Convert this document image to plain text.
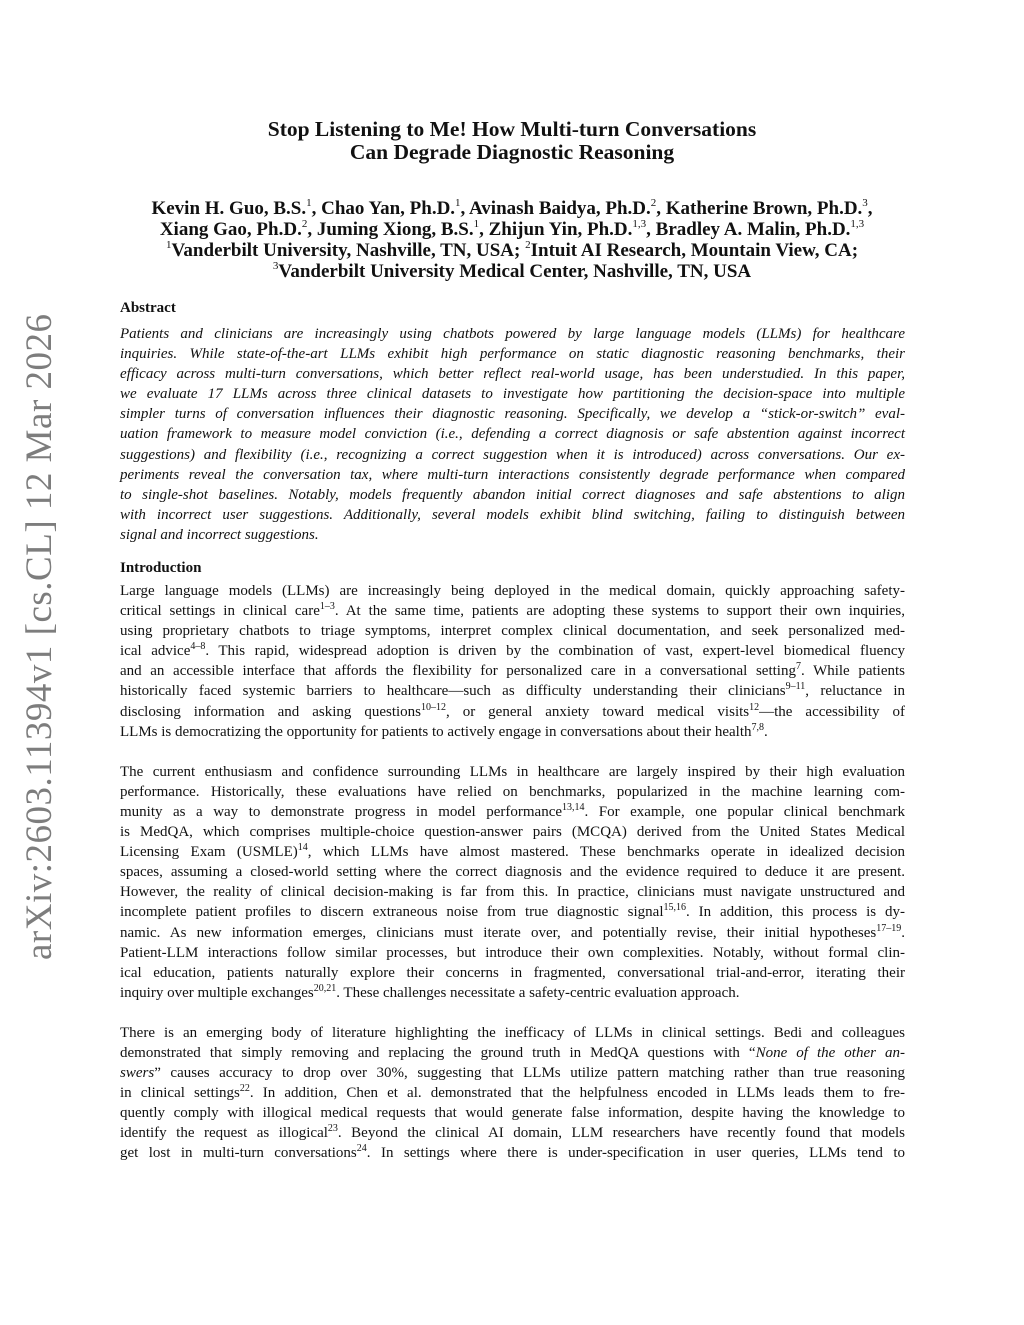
arXiv:2603.11394v1 [cs.CL] 12 Mar 2026
Stop Listening to Me! How Multi-turn Conversations
Can Degrade Diagnostic Reasoning
Kevin H. Guo, B.S.$^1$, Chao Yan, Ph.D.$^1$, Avinash Baidya, Ph.D.$^2$, Katherine Brown, Ph.D.$^3$,
Xiang Gao, Ph.D.$^2$, Juming Xiong, B.S.$^1$, Zhijun Yin, Ph.D.$^{1,3}$, Bradley A. Malin, Ph.D.$^{1,3}$
$^1$Vanderbilt University, Nashville, TN, USA; $^2$Intuit AI Research, Mountain View, CA;
$^3$Vanderbilt University Medical Center, Nashville, TN, USA
Abstract
Patients and clinicians are increasingly using chatbots powered by large language models (LLMs) for healthcare
inquiries. While state-of-the-art LLMs exhibit high performance on static diagnostic reasoning benchmarks, their
efficacy across multi-turn conversations, which better reflect real-world usage, has been understudied. In this paper,
we evaluate 17 LLMs across three clinical datasets to investigate how partitioning the decision-space into multiple
simpler turns of conversation influences their diagnostic reasoning. Specifically, we develop a “stick-or-switch” eval-
uation framework to measure model conviction (i.e., defending a correct diagnosis or safe abstention against incorrect
suggestions) and flexibility (i.e., recognizing a correct suggestion when it is introduced) across conversations. Our ex-
periments reveal the conversation tax, where multi-turn interactions consistently degrade performance when compared
to single-shot baselines. Notably, models frequently abandon initial correct diagnoses and safe abstentions to align
with incorrect user suggestions. Additionally, several models exhibit blind switching, failing to distinguish between
signal and incorrect suggestions.
Introduction

Large language models (LLMs) are increasingly being deployed in the medical domain, quickly approaching safety-
critical settings in clinical care$^{1-3}$. At the same time, patients are adopting these systems to support their own inquiries,
using proprietary chatbots to triage symptoms, interpret complex clinical documentation, and seek personalized med-
ical advice$^{4-8}$. This rapid, widespread adoption is driven by the combination of vast, expert-level biomedical fluency
and an accessible interface that affords the flexibility for personalized care in a conversational setting$^7$. While patients
historically faced systemic barriers to healthcare—such as difficulty understanding their clinicians$^{9-11}$, reluctance in
disclosing information and asking questions$^{10-12}$, or general anxiety toward medical visits$^{12}$—the accessibility of
LLMs is democratizing the opportunity for patients to actively engage in conversations about their health$^{7,8}$.

The current enthusiasm and confidence surrounding LLMs in healthcare are largely inspired by their high evaluation
performance. Historically, these evaluations have relied on benchmarks, popularized in the machine learning com-
munity as a way to demonstrate progress in model performance$^{13,14}$. For example, one popular clinical benchmark
is MedQA, which comprises multiple-choice question-answer pairs (MCQA) derived from the United States Medical
Licensing Exam (USMLE)$^{14}$, which LLMs have almost mastered. These benchmarks operate in idealized decision
spaces, assuming a closed-world setting where the correct diagnosis and the evidence required to deduce it are present.
However, the reality of clinical decision-making is far from this. In practice, clinicians must navigate unstructured and
incomplete patient profiles to discern extraneous noise from true diagnostic signal$^{15,16}$. In addition, this process is dy-
namic. As new information emerges, clinicians must iterate over, and potentially revise, their initial hypotheses$^{17-19}$.
Patient-LLM interactions follow similar processes, but introduce their own complexities. Notably, without formal clin-
ical education, patients naturally explore their concerns in fragmented, conversational trial-and-error, iterating their
inquiry over multiple exchanges$^{20,21}$. These challenges necessitate a safety-centric evaluation approach.

There is an emerging body of literature highlighting the inefficacy of LLMs in clinical settings. Bedi and colleagues
demonstrated that simply removing and replacing the ground truth in MedQA questions with “None of the other an-
swers” causes accuracy to drop over 30%, suggesting that LLMs utilize pattern matching rather than true reasoning
in clinical settings$^{22}$. In addition, Chen et al. demonstrated that the helpfulness encoded in LLMs leads them to fre-
quently comply with illogical medical requests that would generate false information, despite having the knowledge to
identify the request as illogical$^{23}$. Beyond the clinical AI domain, LLM researchers have recently found that models
get lost in multi-turn conversations$^{24}$. In settings where there is under-specification in user queries, LLMs tend to
